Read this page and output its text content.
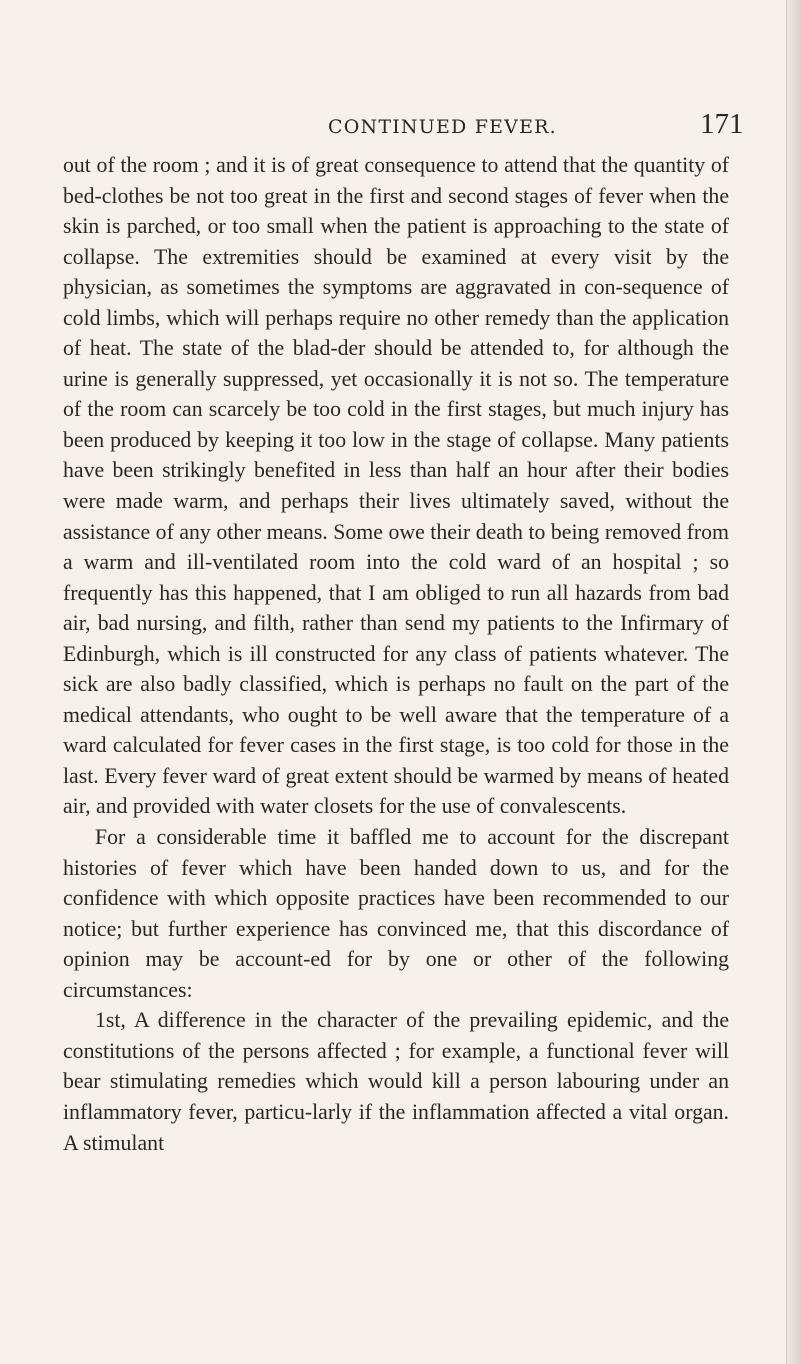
CONTINUED FEVER.	171

out of the room ; and it is of great consequence to attend that the quantity of bed-clothes be not too great in the first and second stages of fever when the skin is parched, or too small when the patient is approaching to the state of collapse. The extremities should be examined at every visit by the physician, as sometimes the symptoms are aggravated in con-sequence of cold limbs, which will perhaps require no other remedy than the application of heat. The state of the blad-der should be attended to, for although the urine is generally suppressed, yet occasionally it is not so. The temperature of the room can scarcely be too cold in the first stages, but much injury has been produced by keeping it too low in the stage of collapse. Many patients have been strikingly benefited in less than half an hour after their bodies were made warm, and perhaps their lives ultimately saved, without the assistance of any other means. Some owe their death to being removed from a warm and ill-ventilated room into the cold ward of an hospital ; so frequently has this happened, that I am obliged to run all hazards from bad air, bad nursing, and filth, rather than send my patients to the Infirmary of Edinburgh, which is ill constructed for any class of patients whatever. The sick are also badly classified, which is perhaps no fault on the part of the medical attendants, who ought to be well aware that the temperature of a ward calculated for fever cases in the first stage, is too cold for those in the last. Every fever ward of great extent should be warmed by means of heated air, and provided with water closets for the use of convalescents.

For a considerable time it baffled me to account for the discrepant histories of fever which have been handed down to us, and for the confidence with which opposite practices have been recommended to our notice; but further experience has convinced me, that this discordance of opinion may be account-ed for by one or other of the following circumstances:

1st, A difference in the character of the prevailing epidemic, and the constitutions of the persons affected ; for example, a functional fever will bear stimulating remedies which would kill a person labouring under an inflammatory fever, particu-larly if the inflammation affected a vital organ. A stimulant
